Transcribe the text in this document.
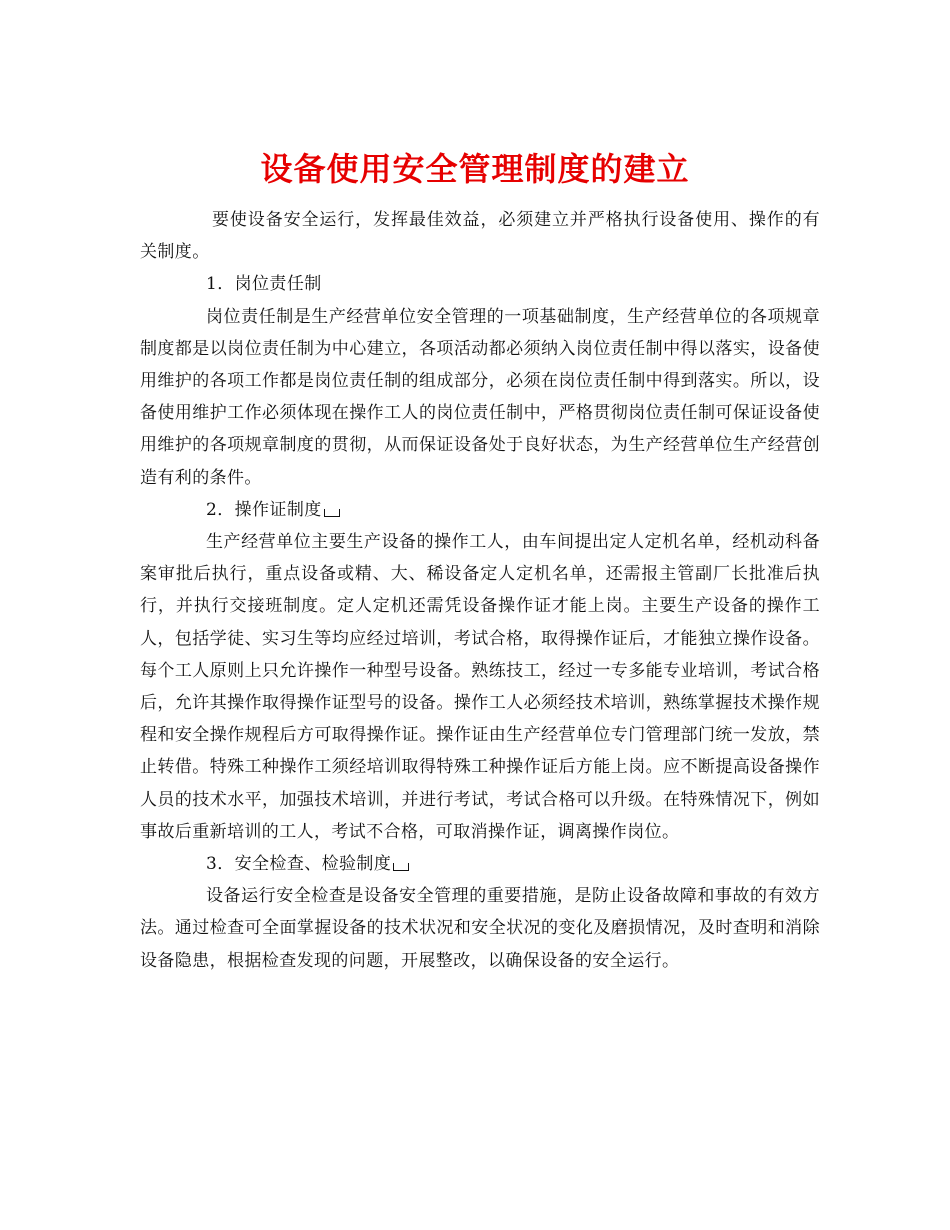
设备使用安全管理制度的建立

要使设备安全运行，发挥最佳效益，必须建立并严格执行设备使用、操作的有关制度。

1．岗位责任制

岗位责任制是生产经营单位安全管理的一项基础制度，生产经营单位的各项规章制度都是以岗位责任制为中心建立，各项活动都必须纳入岗位责任制中得以落实，设备使用维护的各项工作都是岗位责任制的组成部分，必须在岗位责任制中得到落实。所以，设备使用维护工作必须体现在操作工人的岗位责任制中，严格贯彻岗位责任制可保证设备使用维护的各项规章制度的贯彻，从而保证设备处于良好状态，为生产经营单位生产经营创造有利的条件。

2．操作证制度

生产经营单位主要生产设备的操作工人，由车间提出定人定机名单，经机动科备案审批后执行，重点设备或精、大、稀设备定人定机名单，还需报主管副厂长批准后执行，并执行交接班制度。定人定机还需凭设备操作证才能上岗。主要生产设备的操作工人，包括学徒、实习生等均应经过培训，考试合格，取得操作证后，才能独立操作设备。每个工人原则上只允许操作一种型号设备。熟练技工，经过一专多能专业培训，考试合格后，允许其操作取得操作证型号的设备。操作工人必须经技术培训，熟练掌握技术操作规程和安全操作规程后方可取得操作证。操作证由生产经营单位专门管理部门统一发放，禁止转借。特殊工种操作工须经培训取得特殊工种操作证后方能上岗。应不断提高设备操作人员的技术水平，加强技术培训，并进行考试，考试合格可以升级。在特殊情况下，例如事故后重新培训的工人，考试不合格，可取消操作证，调离操作岗位。

3．安全检查、检验制度

设备运行安全检查是设备安全管理的重要措施，是防止设备故障和事故的有效方法。通过检查可全面掌握设备的技术状况和安全状况的变化及磨损情况，及时查明和消除设备隐患，根据检查发现的问题，开展整改，以确保设备的安全运行。
